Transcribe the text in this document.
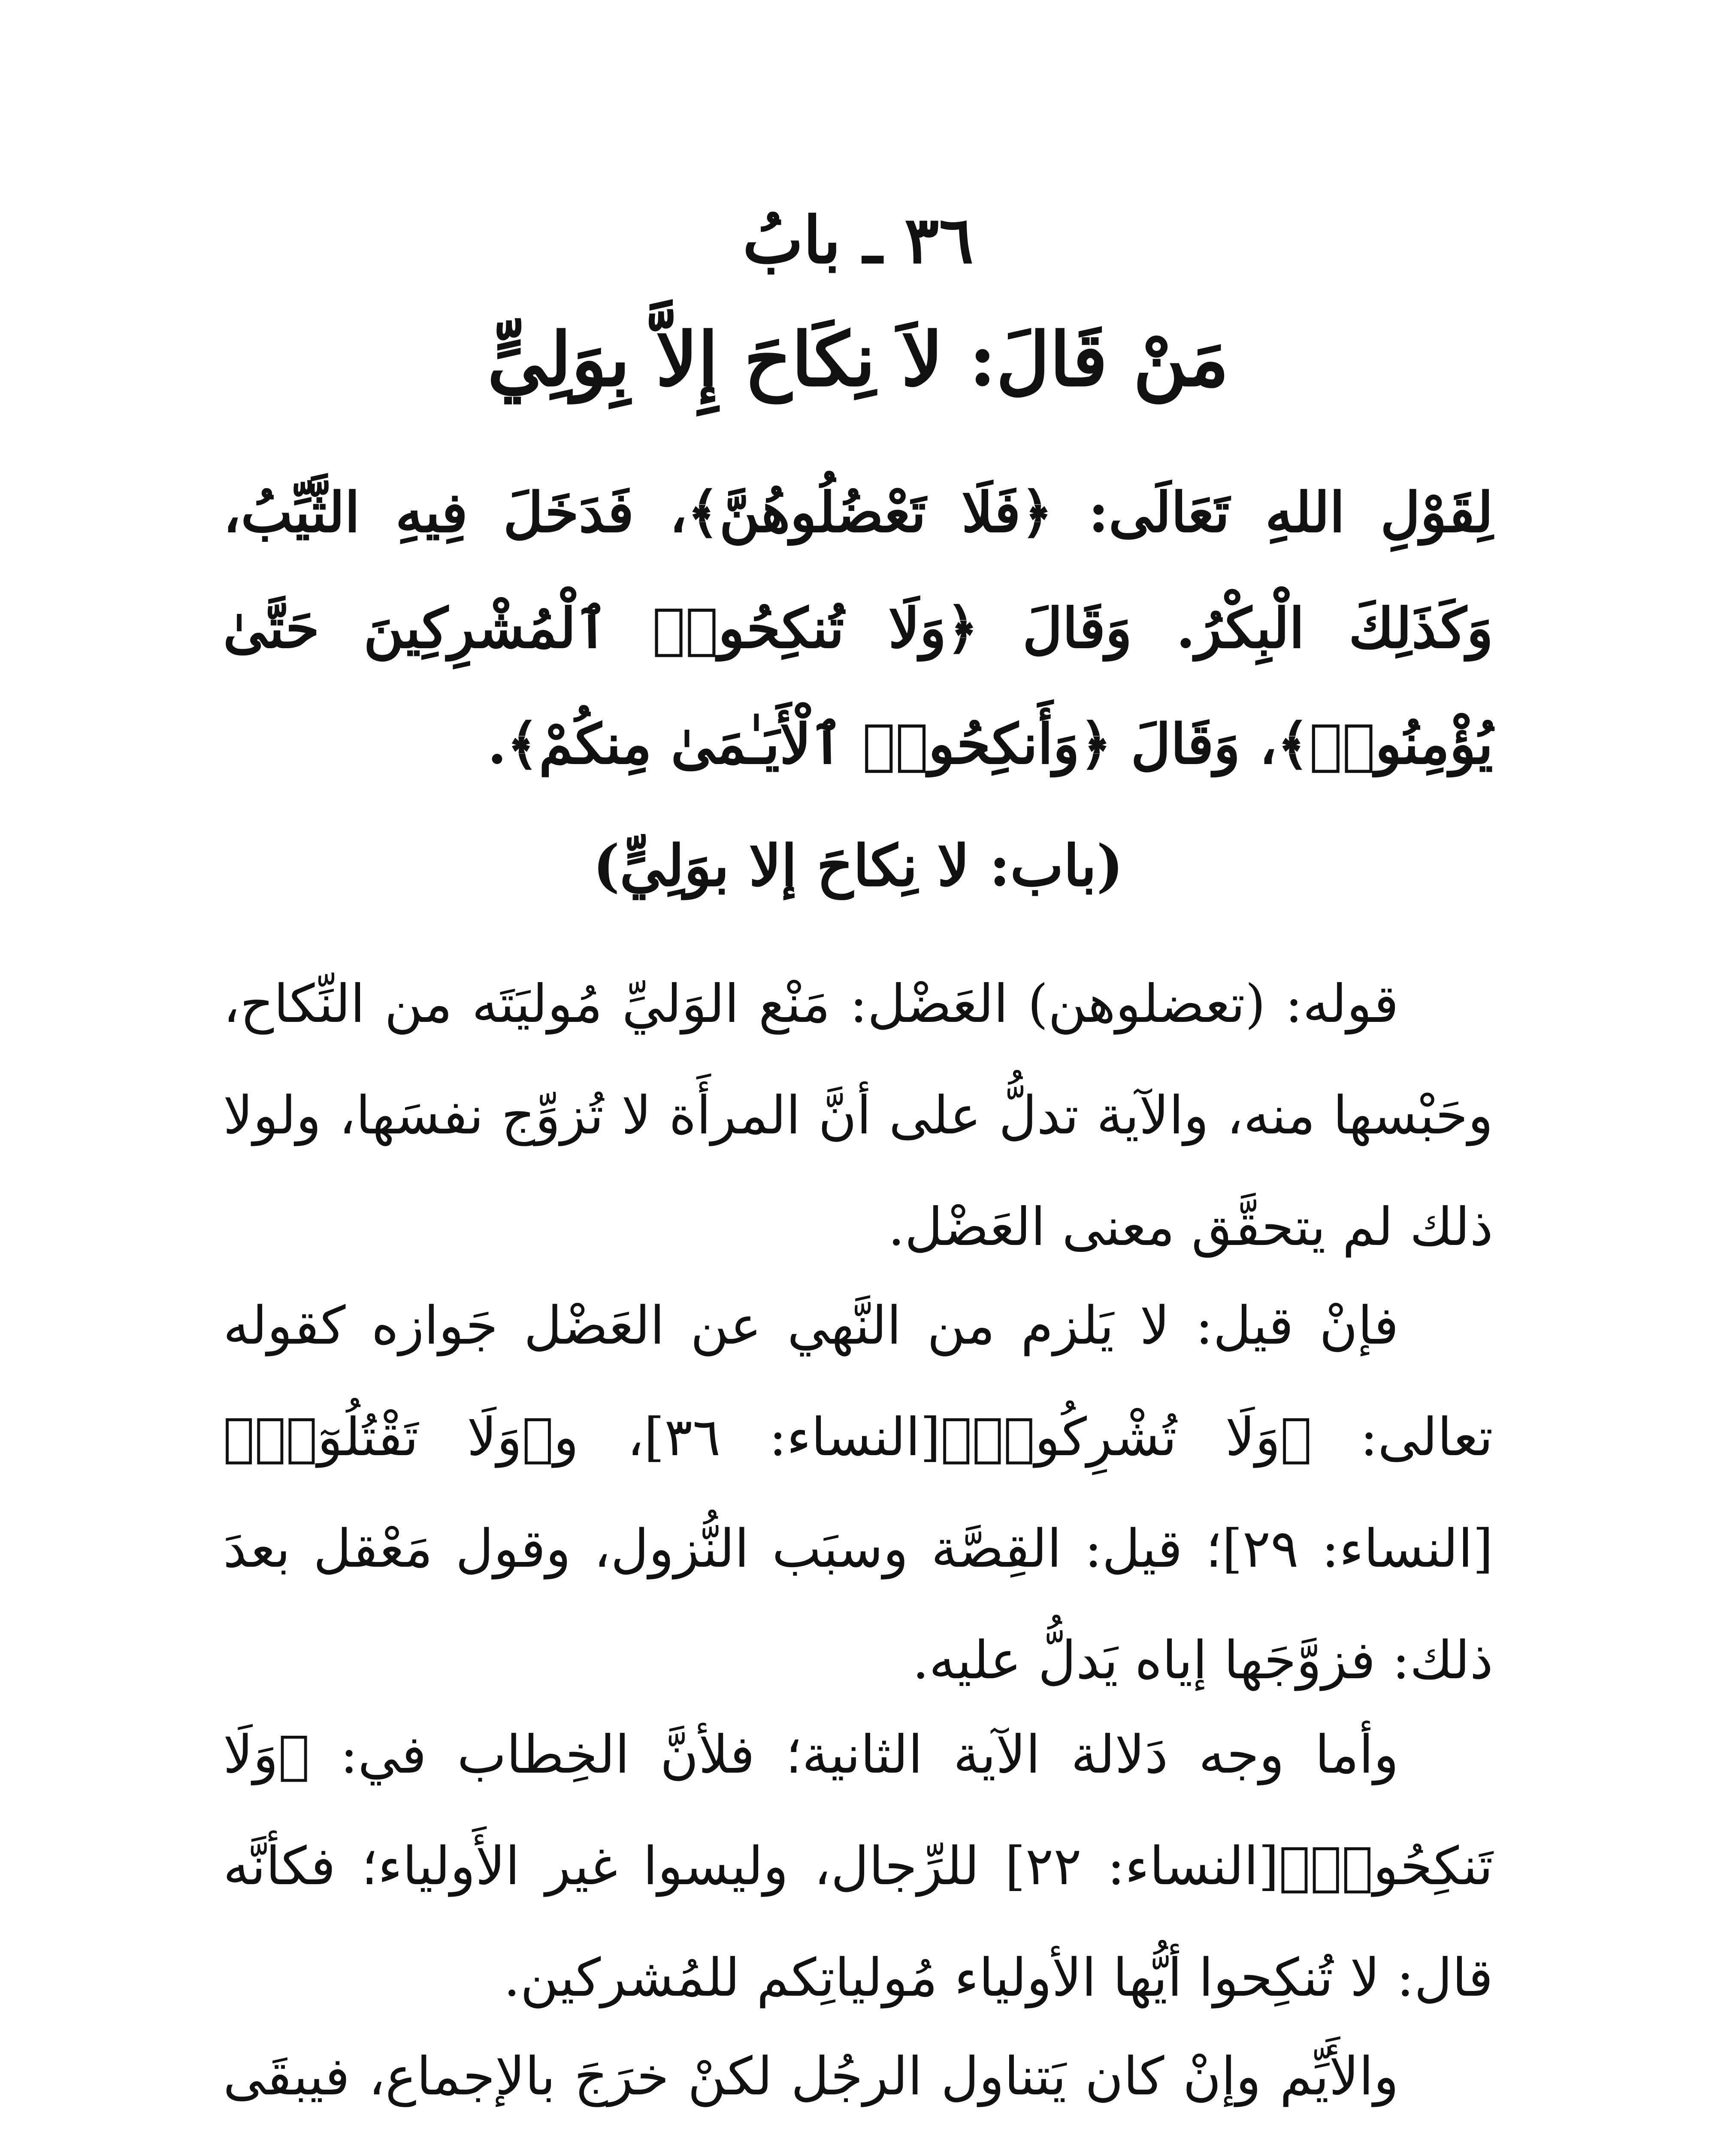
٣٦ ـ بابُ
مَنْ قَالَ: لاَ نِكَاحَ إِلاَّ بِوَلِيٍّ
لِقَوْلِ اللهِ تَعَالَى: ﴿فَلَا تَعْضُلُوهُنَّ﴾، فَدَخَلَ فِيهِ الثَّيِّبُ، وَكَذَلِكَ الْبِكْرُ. وَقَالَ ﴿وَلَا تُنكِحُوا۟ ٱلْمُشْرِكِينَ حَتَّىٰ يُؤْمِنُوا۟﴾، وَقَالَ ﴿وَأَنكِحُوا۟ ٱلْأَيَـٰمَىٰ مِنكُمْ﴾.
(باب: لا نِكاحَ إلا بوَلِيٍّ)
قوله: (تعضلوهن) العَضْل: مَنْع الوَليِّ مُوليَتَه من النِّكاح، وحَبْسها منه، والآية تدلُّ على أنَّ المرأَة لا تُزوِّج نفسَها، ولولا ذلك لم يتحقَّق معنى العَضْل.
فإنْ قيل: لا يَلزم من النَّهي عن العَضْل جَوازه كقوله تعالى: ﴿وَلَا تُشْرِكُوا۟﴾[النساء: ٣٦]، و﴿وَلَا تَقْتُلُوٓا۟﴾[النساء: ٢٩]؛ قيل: القِصَّة وسبَب النُّزول، وقول مَعْقل بعدَ ذلك: فزوَّجَها إياه يَدلُّ عليه.
وأما وجه دَلالة الآية الثانية؛ فلأنَّ الخِطاب في: ﴿وَلَا تَنكِحُوا۟﴾[النساء: ٢٢] للرِّجال، وليسوا غير الأَولياء؛ فكأنَّه قال: لا تُنكِحوا أيُّها الأولياء مُولياتِكم للمُشركين.
والأَيِّم وإنْ كان يَتناول الرجُل لكنْ خرَجَ بالإجماع، فيبقَى
